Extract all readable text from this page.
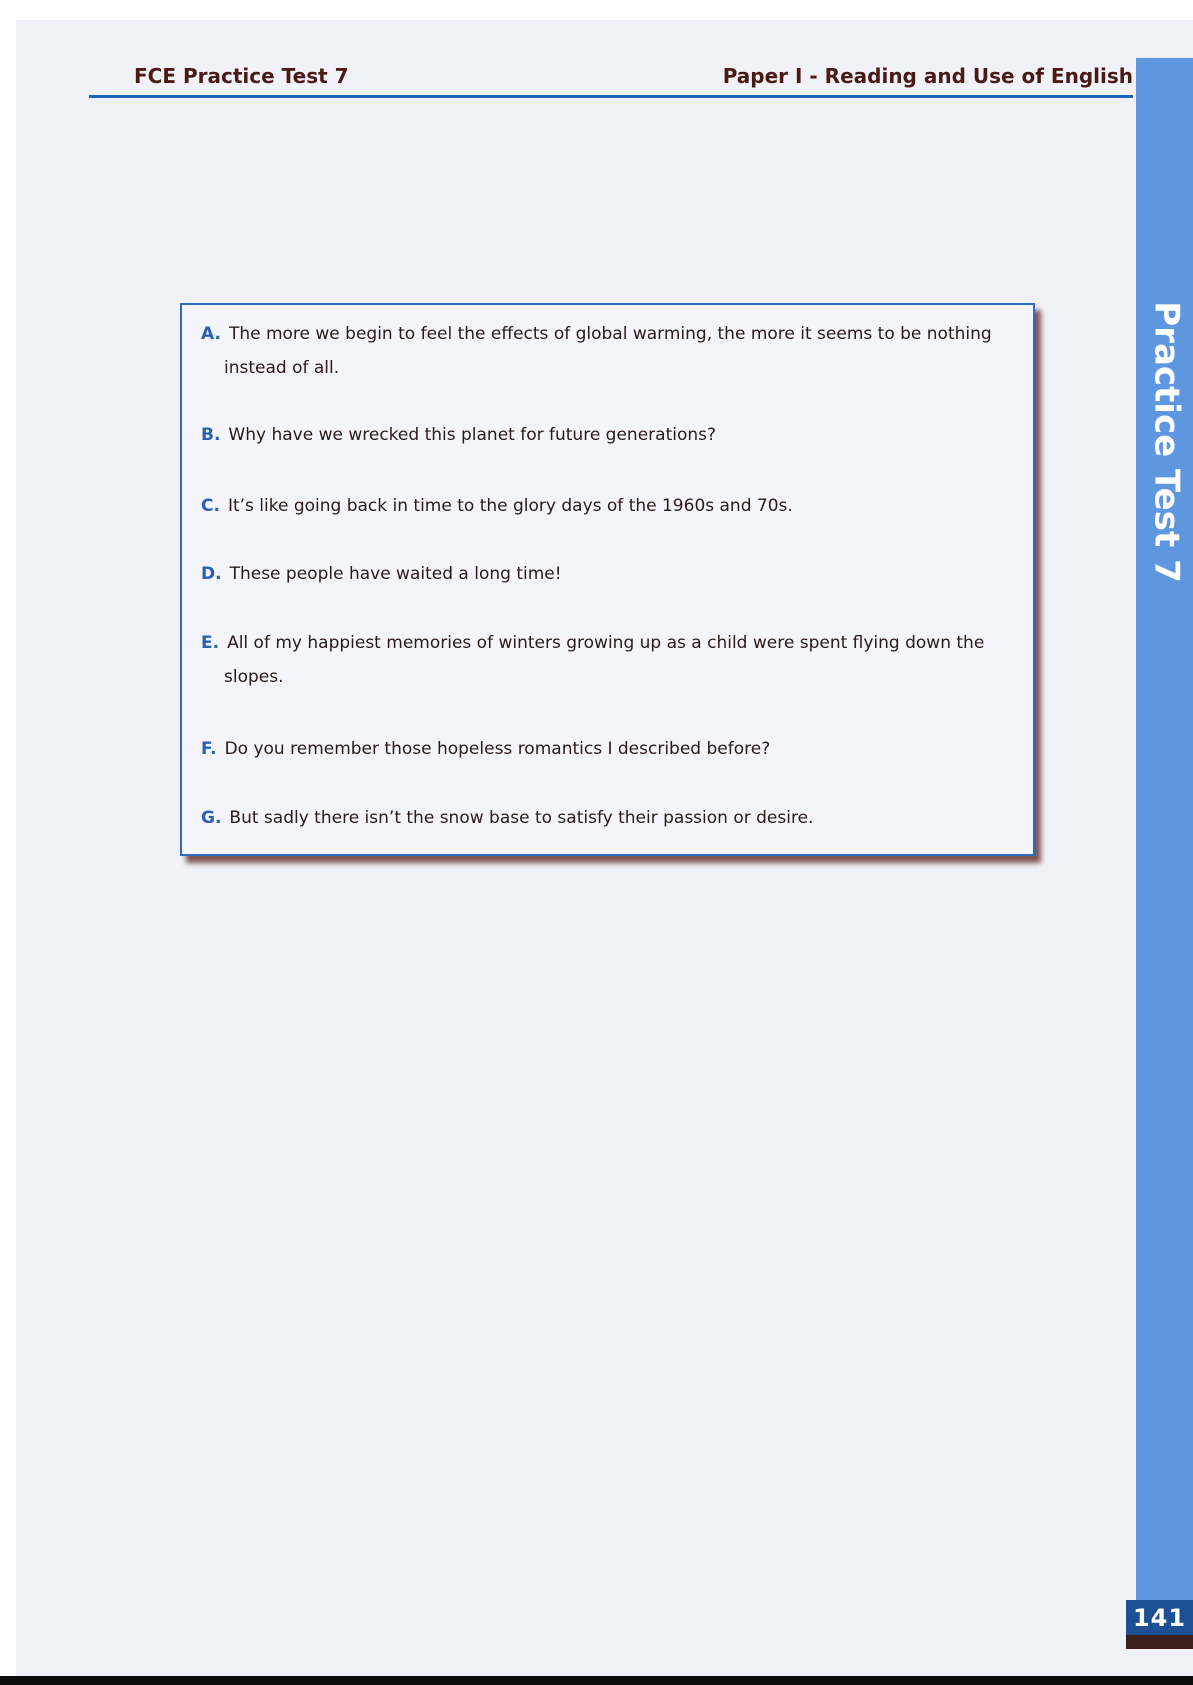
FCE Practice Test 7	Paper I - Reading and Use of English
Practice Test 7
141
A. The more we begin to feel the effects of global warming, the more it seems to be nothing
instead of all.
B. Why have we wrecked this planet for future generations?
C. It’s like going back in time to the glory days of the 1960s and 70s.
D. These people have waited a long time!
E. All of my happiest memories of winters growing up as a child were spent flying down the
slopes.
F. Do you remember those hopeless romantics I described before?
G. But sadly there isn’t the snow base to satisfy their passion or desire.
